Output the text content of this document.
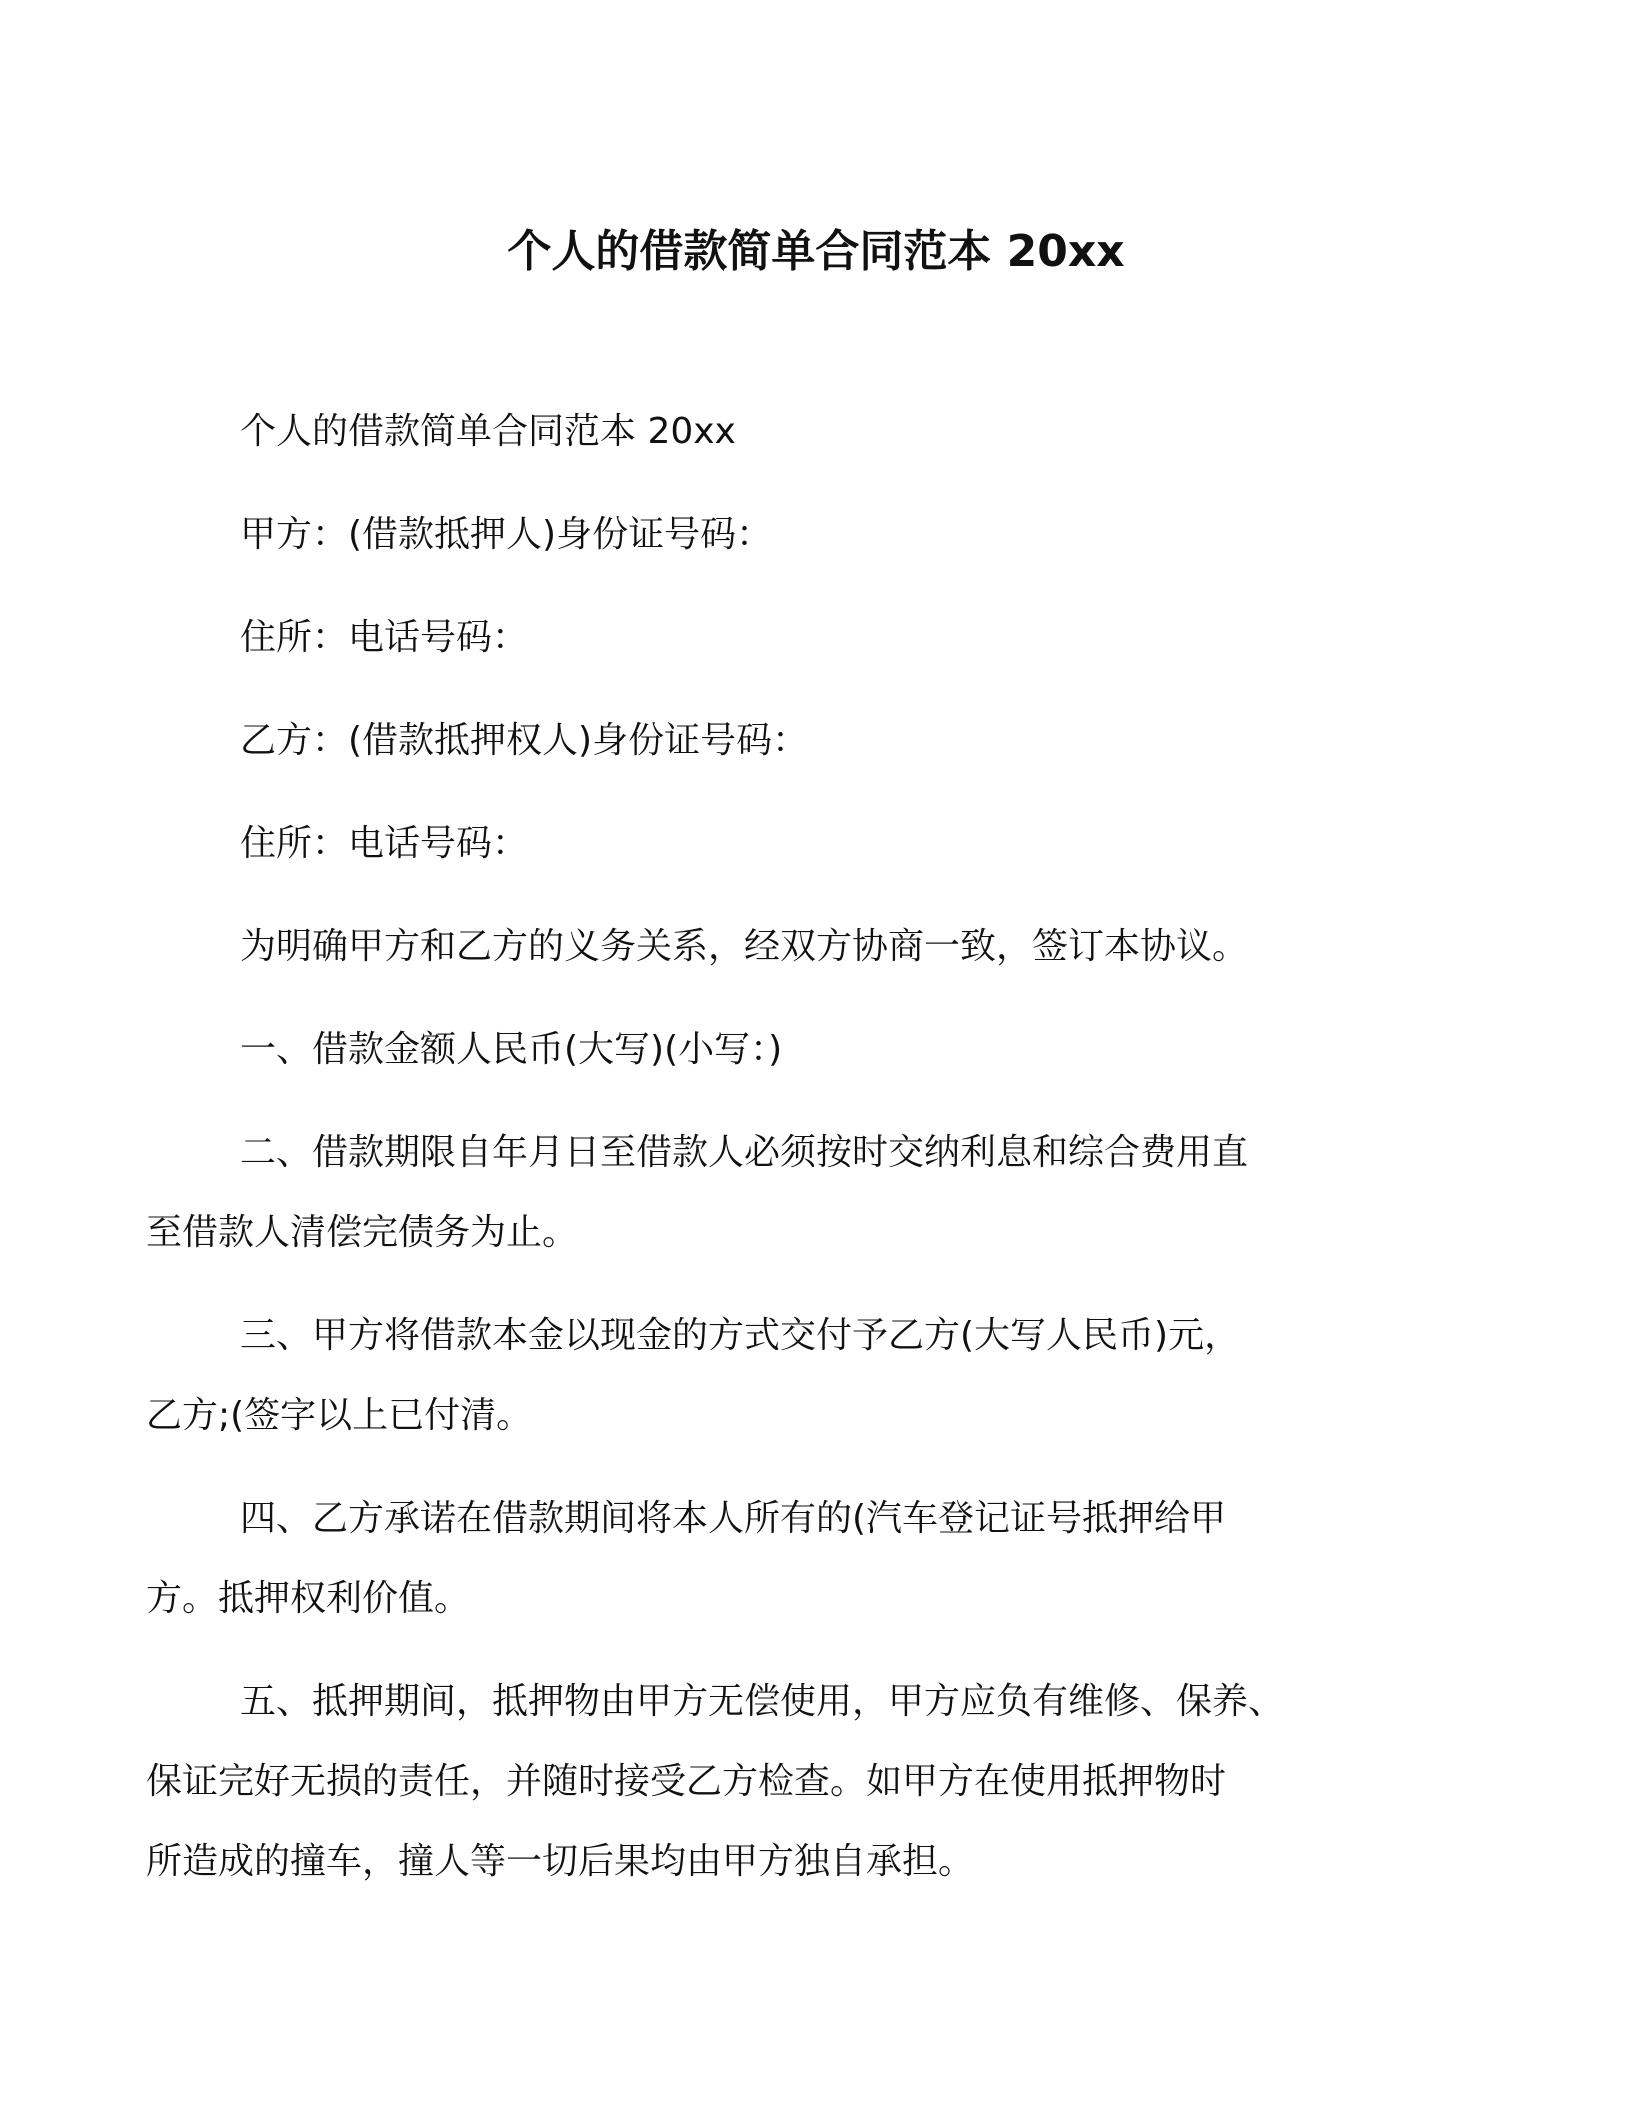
个人的借款简单合同范本 20xx

个人的借款简单合同范本 20xx

甲方：(借款抵押人)身份证号码：

住所：电话号码：

乙方：(借款抵押权人)身份证号码：

住所：电话号码：

为明确甲方和乙方的义务关系，经双方协商一致，签订本协议。

一、借款金额人民币(大写)(小写：)

二、借款期限自年月日至借款人必须按时交纳利息和综合费用直
至借款人清偿完债务为止。
三、甲方将借款本金以现金的方式交付予乙方(大写人民币)元，
乙方;(签字以上已付清。
四、乙方承诺在借款期间将本人所有的(汽车登记证号抵押给甲
方。抵押权利价值。
五、抵押期间，抵押物由甲方无偿使用，甲方应负有维修、保养、
保证完好无损的责任，并随时接受乙方检查。如甲方在使用抵押物时
所造成的撞车，撞人等一切后果均由甲方独自承担。
